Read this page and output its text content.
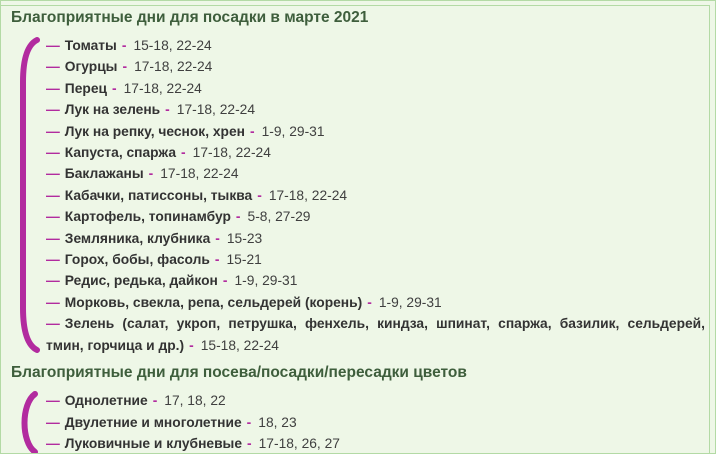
Благоприятные дни для посадки в марте 2021

— Томаты - 15-18, 22-24

— Огурцы - 17-18, 22-24

— Перец - 17-18, 22-24

— Лук на зелень - 17-18, 22-24

— Лук на репку, чеснок, хрен - 1-9, 29-31

— Капуста, спаржа - 17-18, 22-24

— Баклажаны - 17-18, 22-24

— Кабачки, патиссоны, тыква - 17-18, 22-24

— Картофель, топинамбур - 5-8, 27-29

— Земляника, клубника - 15-23

— Горох, бобы, фасоль - 15-21

— Редис, редька, дайкон - 1-9, 29-31

— Морковь, свекла, репа, сельдерей (корень) - 1-9, 29-31

— Зелень (салат, укроп, петрушка, фенхель, киндза, шпинат, спаржа, базилик, сельдерей, тмин, горчица и др.) - 15-18, 22-24

Благоприятные дни для посева/посадки/пересадки цветов

— Однолетние - 17, 18, 22

— Двулетние и многолетние - 18, 23

— Луковичные и клубневые - 17-18, 26, 27
